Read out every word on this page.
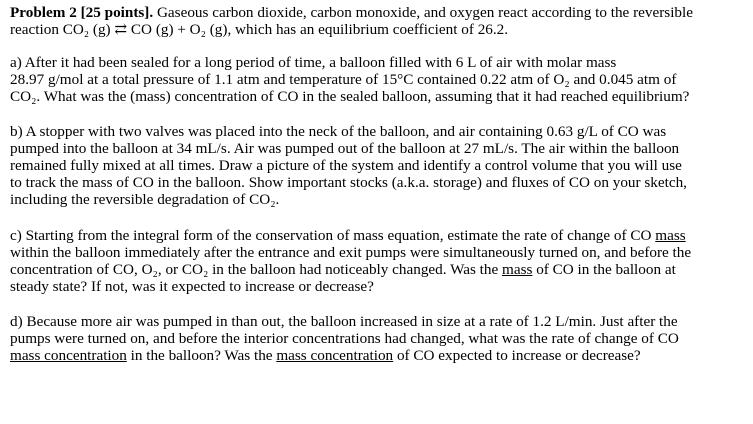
Problem 2 [25 points]. Gaseous carbon dioxide, carbon monoxide, and oxygen react according to the reversible
reaction CO₂ (g) ⇄ CO (g) + O₂ (g), which has an equilibrium coefficient of 26.2.
a) After it had been sealed for a long period of time, a balloon filled with 6 L of air with molar mass
28.97 g/mol at a total pressure of 1.1 atm and temperature of 15°C contained 0.22 atm of O₂ and 0.045 atm of
CO₂. What was the (mass) concentration of CO in the sealed balloon, assuming that it had reached equilibrium?
b) A stopper with two valves was placed into the neck of the balloon, and air containing 0.63 g/L of CO was
pumped into the balloon at 34 mL/s. Air was pumped out of the balloon at 27 mL/s. The air within the balloon
remained fully mixed at all times. Draw a picture of the system and identify a control volume that you will use
to track the mass of CO in the balloon. Show important stocks (a.k.a. storage) and fluxes of CO on your sketch,
including the reversible degradation of CO₂.
c) Starting from the integral form of the conservation of mass equation, estimate the rate of change of CO mass
within the balloon immediately after the entrance and exit pumps were simultaneously turned on, and before the
concentration of CO, O₂, or CO₂ in the balloon had noticeably changed. Was the mass of CO in the balloon at
steady state? If not, was it expected to increase or decrease?
d) Because more air was pumped in than out, the balloon increased in size at a rate of 1.2 L/min. Just after the
pumps were turned on, and before the interior concentrations had changed, what was the rate of change of CO
mass concentration in the balloon? Was the mass concentration of CO expected to increase or decrease?
